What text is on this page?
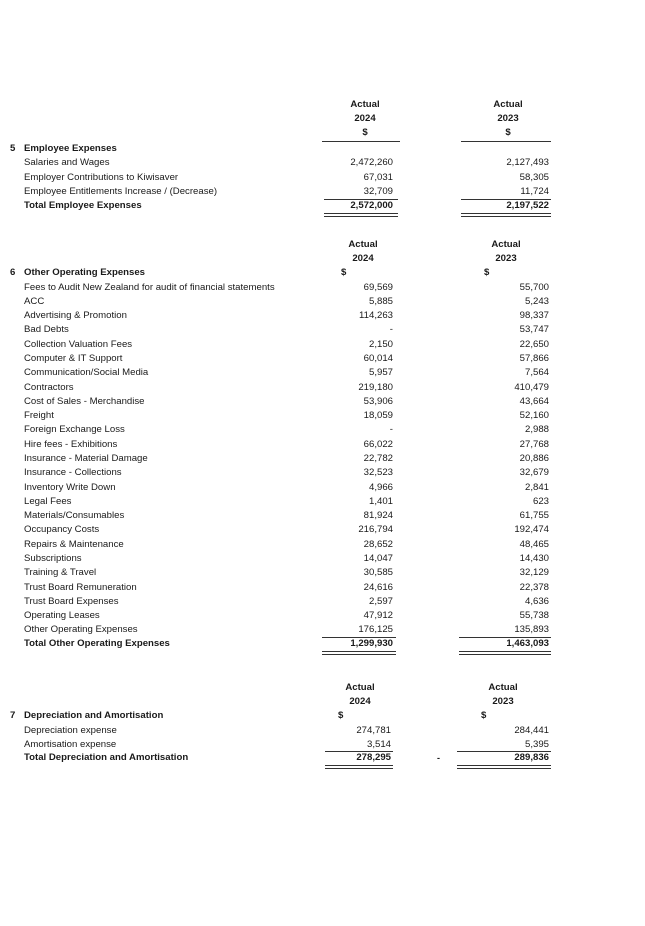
Actual
2024
$
Actual
2023
$
5 Employee Expenses
Salaries and Wages	2,472,260	2,127,493
Employer Contributions to Kiwisaver	67,031	58,305
Employee Entitlements Increase / (Decrease)	32,709	11,724
Total Employee Expenses	2,572,000	2,197,522
Actual
2024
$
Actual
2023
$
6 Other Operating Expenses
Fees to Audit New Zealand for audit of financial statements	69,569	55,700
ACC	5,885	5,243
Advertising & Promotion	114,263	98,337
Bad Debts	-	53,747
Collection Valuation Fees	2,150	22,650
Computer & IT Support	60,014	57,866
Communication/Social Media	5,957	7,564
Contractors	219,180	410,479
Cost of Sales - Merchandise	53,906	43,664
Freight	18,059	52,160
Foreign Exchange Loss	-	2,988
Hire fees - Exhibitions	66,022	27,768
Insurance - Material Damage	22,782	20,886
Insurance - Collections	32,523	32,679
Inventory Write Down	4,966	2,841
Legal Fees	1,401	623
Materials/Consumables	81,924	61,755
Occupancy Costs	216,794	192,474
Repairs & Maintenance	28,652	48,465
Subscriptions	14,047	14,430
Training & Travel	30,585	32,129
Trust Board Remuneration	24,616	22,378
Trust Board Expenses	2,597	4,636
Operating Leases	47,912	55,738
Other Operating Expenses	176,125	135,893
Total Other Operating Expenses	1,299,930	1,463,093
Actual
2024
$
Actual
2023
$
7 Depreciation and Amortisation
Depreciation expense	274,781	284,441
Amortisation expense	3,514	5,395
Total Depreciation and Amortisation	278,295	289,836
-
